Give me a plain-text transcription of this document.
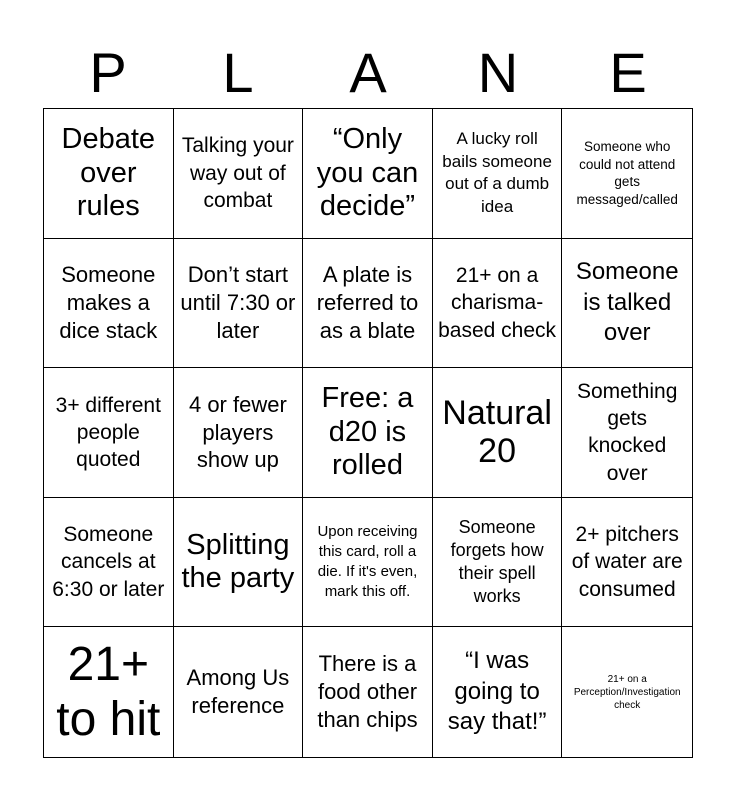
P	L	A	N	E
Debate over rules
Talking your way out of combat
“Only you can decide”
A lucky roll bails someone out of a dumb idea
Someone who could not attend gets messaged/called
Someone makes a dice stack
Don’t start until 7:30 or later
A plate is referred to as a blate
21+ on a charisma-based check
Someone is talked over
3+ different people quoted
4 or fewer players show up
Free: a d20 is rolled
Natural 20
Something gets knocked over
Someone cancels at 6:30 or later
Splitting the party
Upon receiving this card, roll a die. If it's even, mark this off.
Someone forgets how their spell works
2+ pitchers of water are consumed
21+ to hit
Among Us reference
There is a food other than chips
“I was going to say that!”
21+ on a Perception/Investigation check
